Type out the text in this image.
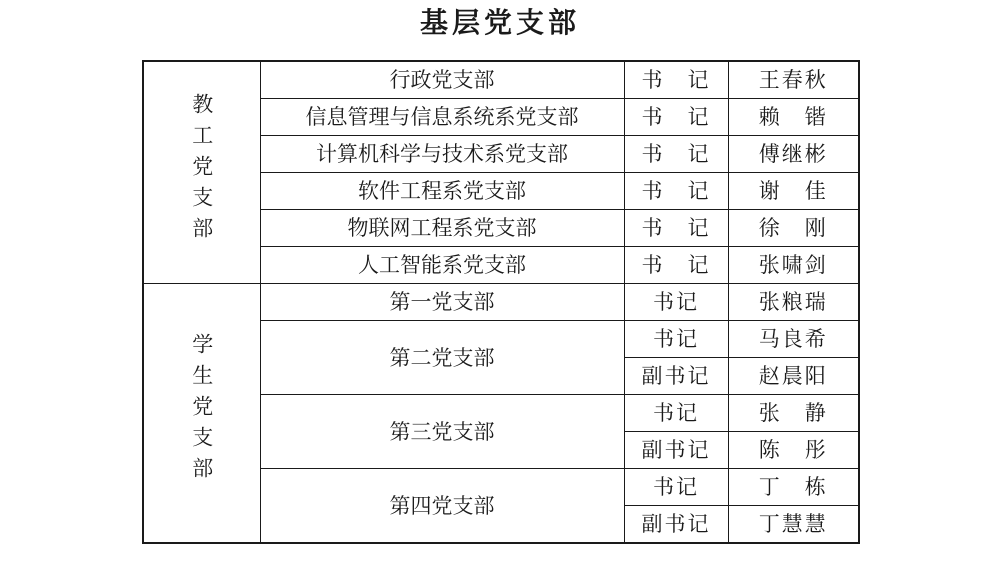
基层党支部
教工党支部	行政党支部	书　记	王春秋
	信息管理与信息系统系党支部	书　记	赖　锴
	计算机科学与技术系党支部	书　记	傅继彬
	软件工程系党支部	书　记	谢　佳
	物联网工程系党支部	书　记	徐　刚
	人工智能系党支部	书　记	张啸剑
学生党支部	第一党支部	书记	张粮瑞
	第二党支部	书记	马良希
		副书记	赵晨阳
	第三党支部	书记	张　静
		副书记	陈　彤
	第四党支部	书记	丁　栋
		副书记	丁慧慧
